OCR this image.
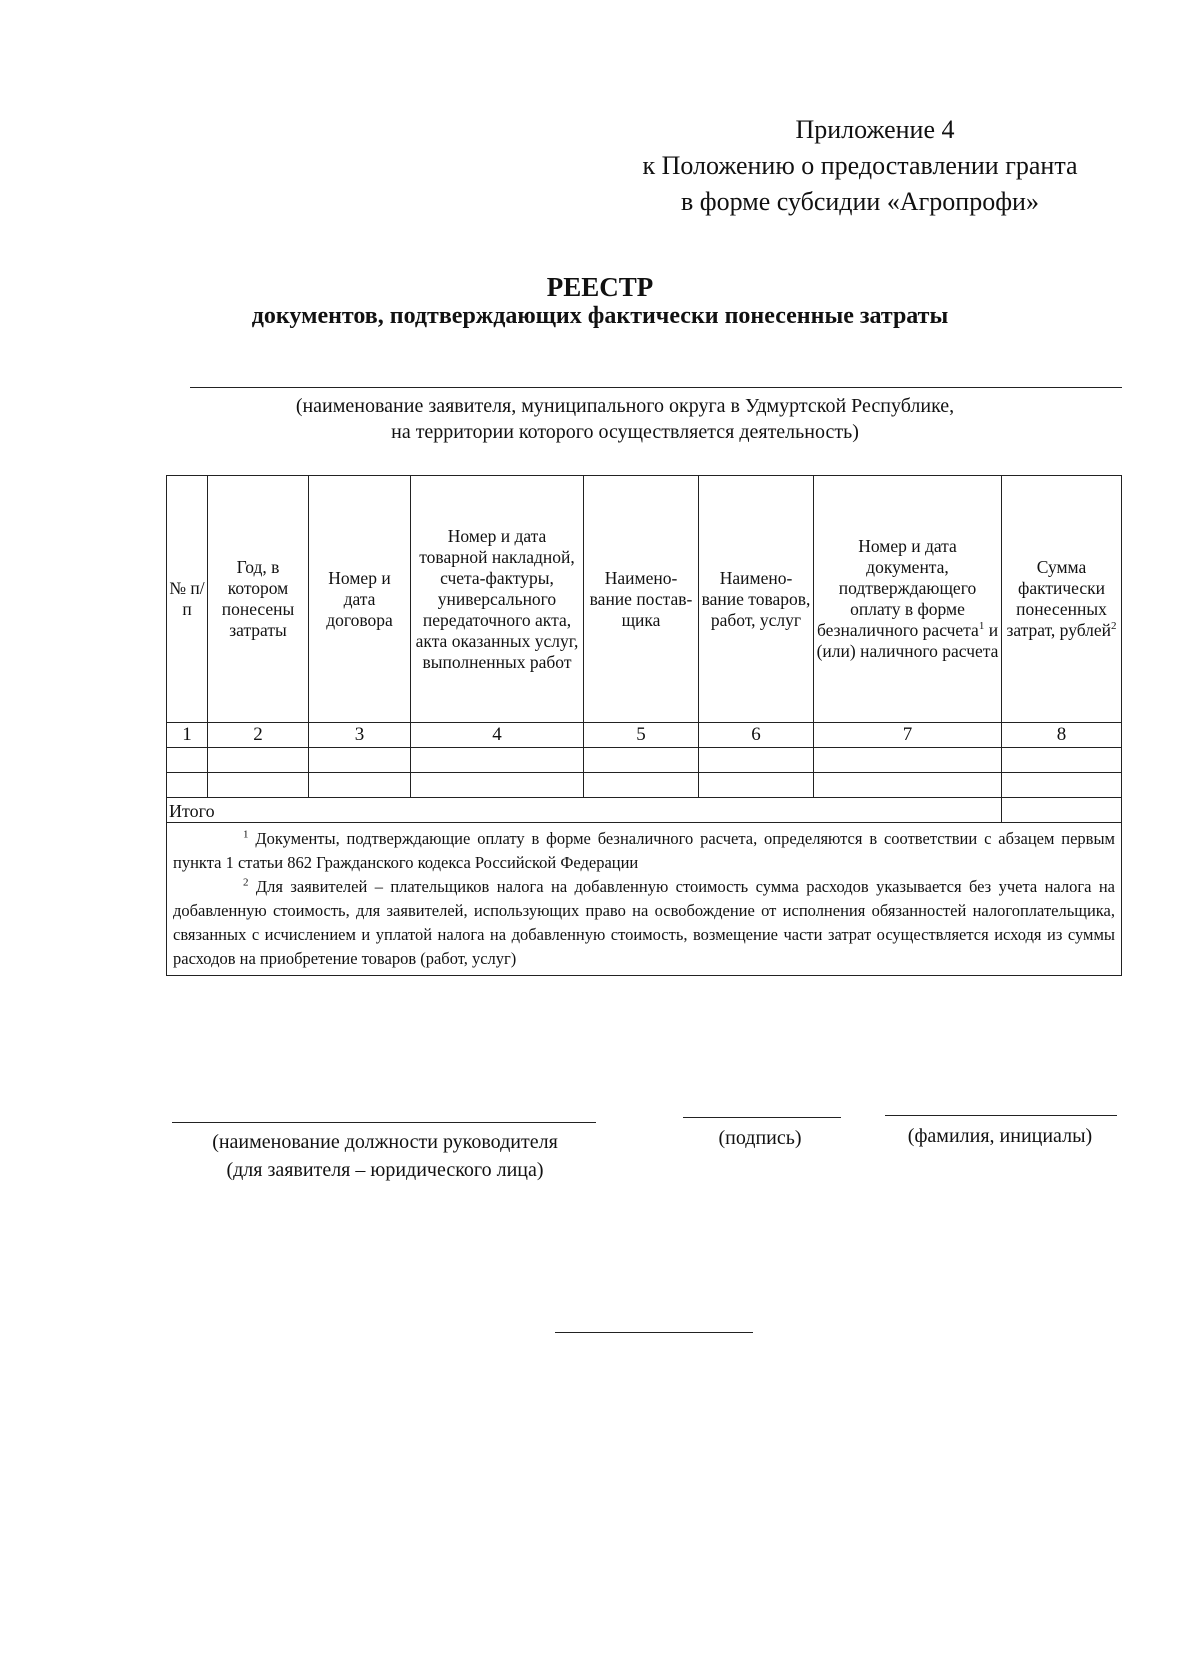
Приложение 4
к Положению о предоставлении гранта
в форме субсидии «Агропрофи»
РЕЕСТР
документов, подтверждающих фактически понесенные затраты
(наименование заявителя, муниципального округа в Удмуртской Республике,
на территории которого осуществляется деятельность)
№ п/п	Год, в котором понесены затраты	Номер и дата договора	Номер и дата товарной накладной, счета-фактуры, универсального передаточного акта, акта оказанных услуг, выполненных работ	Наимено-вание постав-щика	Наимено-вание товаров, работ, услуг	Номер и дата документа, подтверждающего оплату в форме безналичного расчета$^1$ и (или) наличного расчета	Сумма фактически понесенных затрат, рублей$^2$
1	2	3	4	5	6	7	8

Итого							

$^1$ Документы, подтверждающие оплату в форме безналичного расчета, определяются в соответствии с абзацем первым пункта 1 статьи 862 Гражданского кодекса Российской Федерации
$^2$ Для заявителей – плательщиков налога на добавленную стоимость сумма расходов указывается без учета налога на добавленную стоимость, для заявителей, использующих право на освобождение от исполнения обязанностей налогоплательщика, связанных с исчислением и уплатой налога на добавленную стоимость, возмещение части затрат осуществляется исходя из суммы расходов на приобретение товаров (работ, услуг)							
(наименование должности руководителя
(для заявителя – юридического лица)
(подпись)	(фамилия, инициалы)
